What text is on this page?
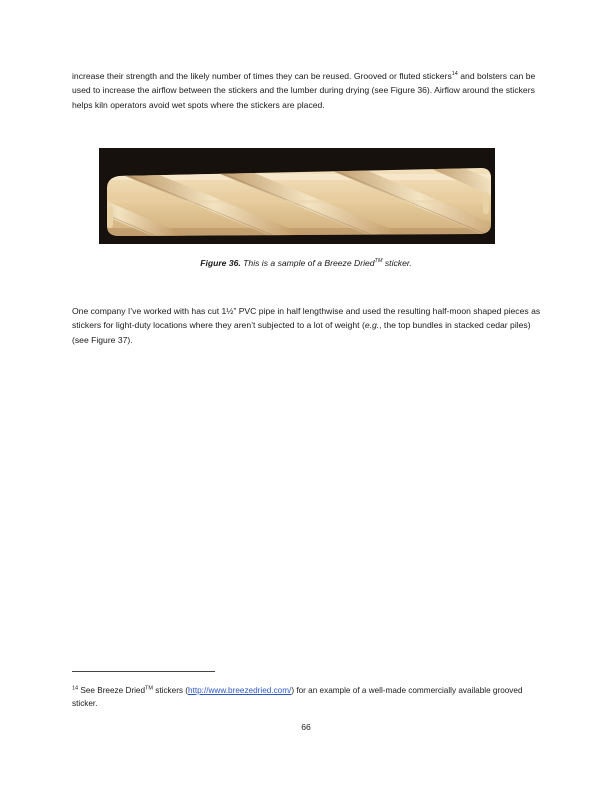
increase their strength and the likely number of times they can be reused. Grooved or fluted stickers$^{14}$ and bolsters can be used to increase the airflow between the stickers and the lumber during drying (see Figure 36). Airflow around the stickers helps kiln operators avoid wet spots where the stickers are placed.

Figure 36. This is a sample of a Breeze Dried™ sticker.

One company I’ve worked with has cut 1½” PVC pipe in half lengthwise and used the resulting half-moon shaped pieces as stickers for light-duty locations where they aren’t subjected to a lot of weight (e.g., the top bundles in stacked cedar piles) (see Figure 37).

$^{14}$ See Breeze Dried™ stickers (http://www.breezedried.com/) for an example of a well-made commercially available grooved sticker.

66
